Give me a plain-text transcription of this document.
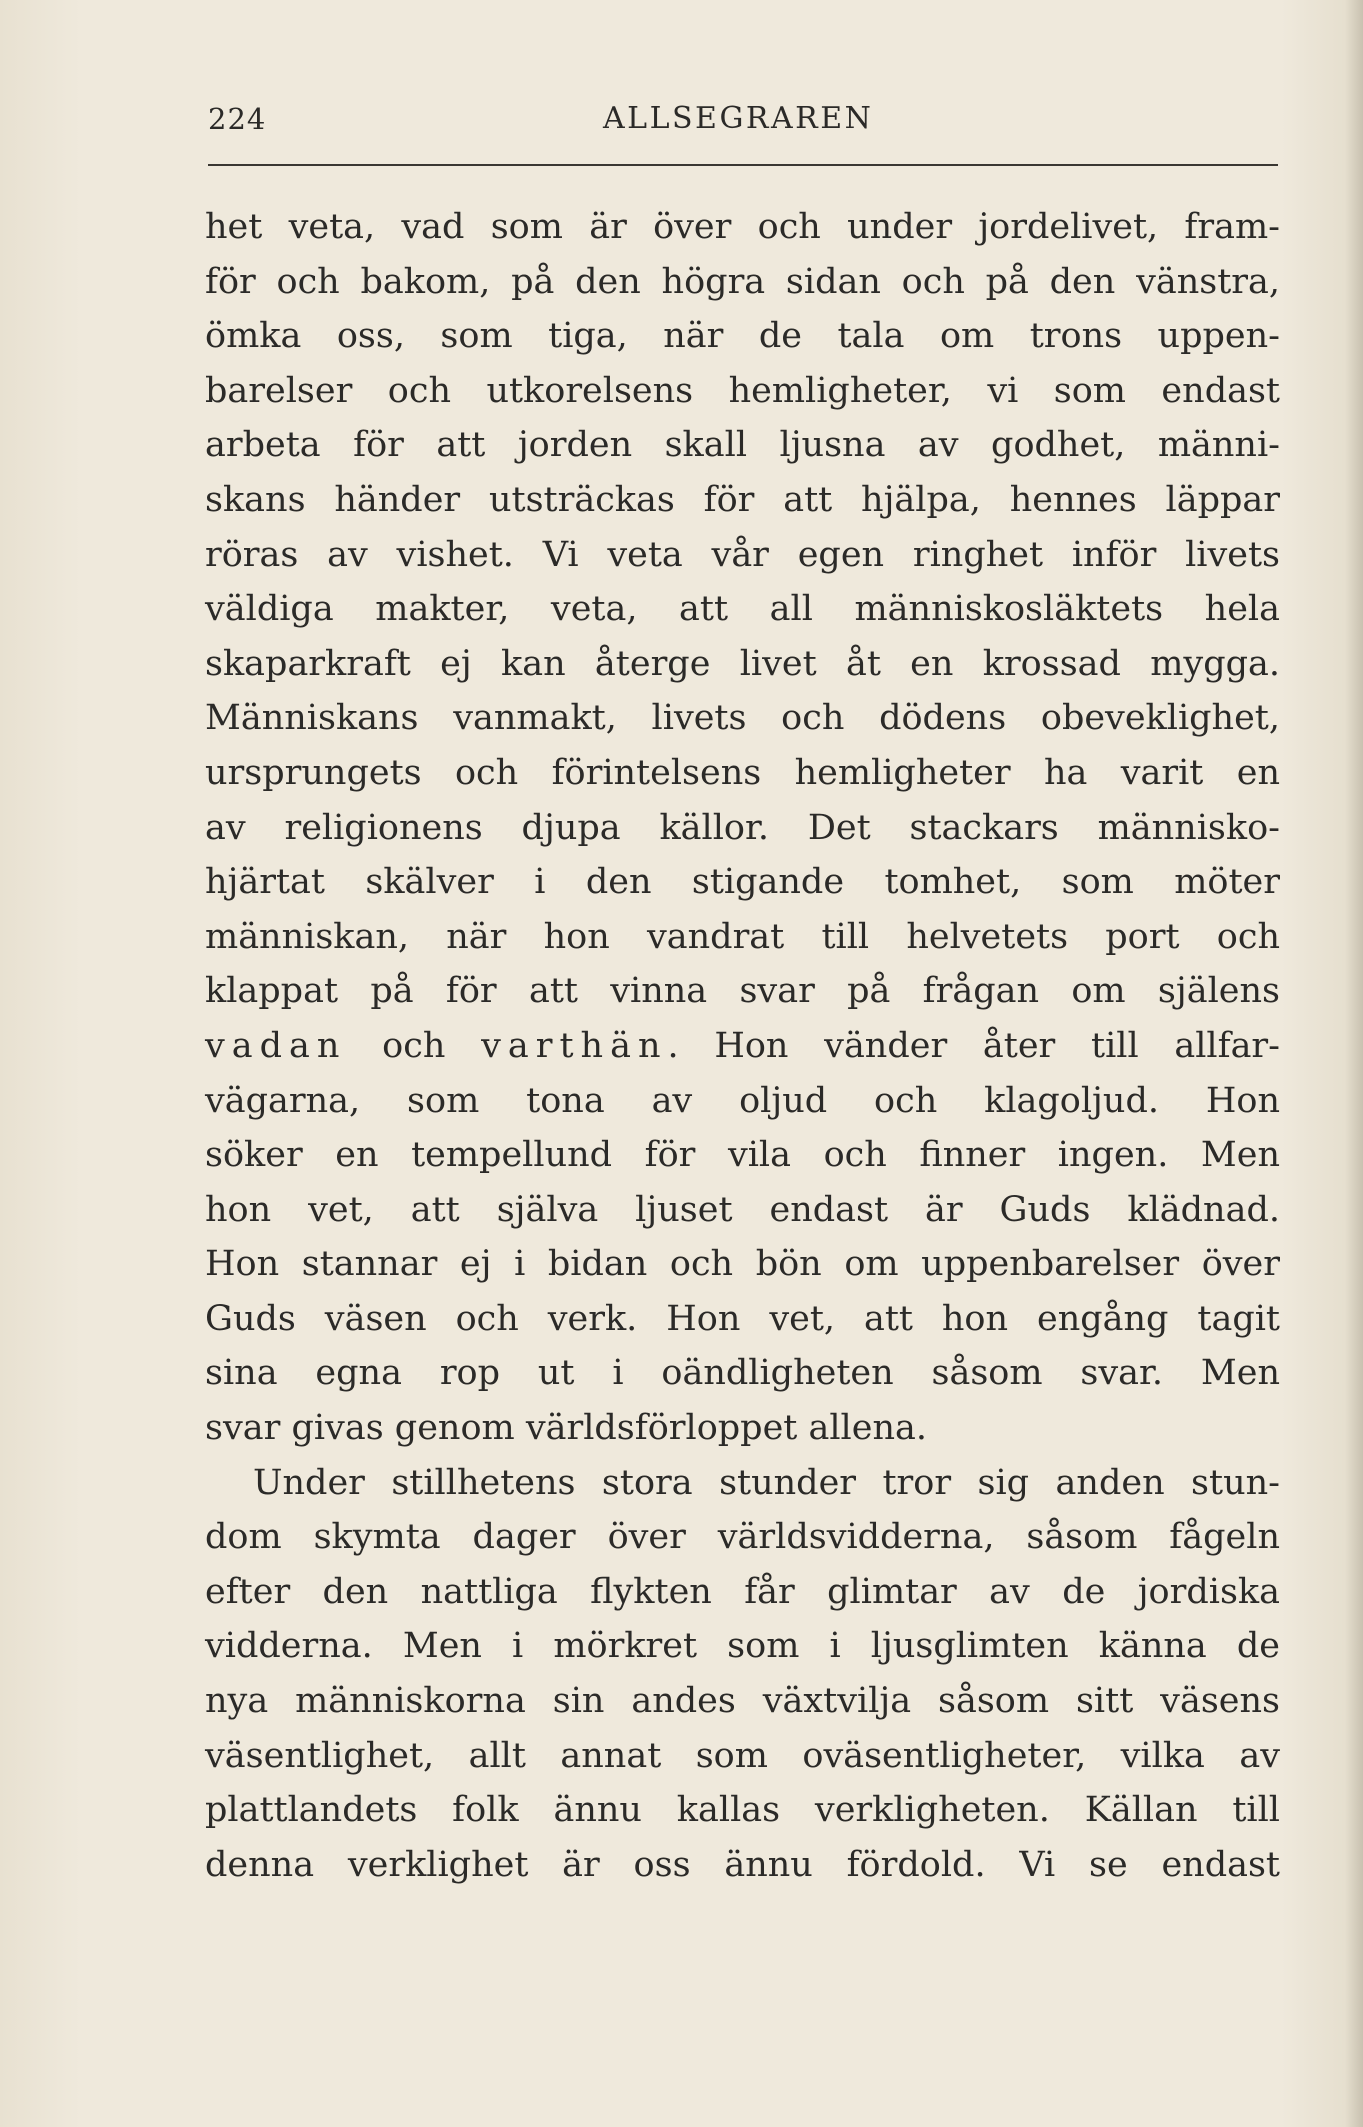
224	ALLSEGRAREN
het veta, vad som är över och under jordelivet, fram-
för och bakom, på den högra sidan och på den vänstra,
ömka oss, som tiga, när de tala om trons uppen-
barelser och utkorelsens hemligheter, vi som endast
arbeta för att jorden skall ljusna av godhet, männi-
skans händer utsträckas för att hjälpa, hennes läppar
röras av vishet. Vi veta vår egen ringhet inför livets
väldiga makter, veta, att all människosläktets hela
skaparkraft ej kan återge livet åt en krossad mygga.
Människans vanmakt, livets och dödens obeveklighet,
ursprungets och förintelsens hemligheter ha varit en
av religionens djupa källor. Det stackars människo-
hjärtat skälver i den stigande tomhet, som möter
människan, när hon vandrat till helvetets port och
klappat på för att vinna svar på frågan om själens
vadan och varthän. Hon vänder åter till allfar-
vägarna, som tona av oljud och klagoljud. Hon
söker en tempellund för vila och finner ingen. Men
hon vet, att själva ljuset endast är Guds klädnad.
Hon stannar ej i bidan och bön om uppenbarelser över
Guds väsen och verk. Hon vet, att hon engång tagit
sina egna rop ut i oändligheten såsom svar. Men
svar givas genom världsförloppet allena.
Under stillhetens stora stunder tror sig anden stun-
dom skymta dager över världsvidderna, såsom fågeln
efter den nattliga flykten får glimtar av de jordiska
vidderna. Men i mörkret som i ljusglimten känna de
nya människorna sin andes växtvilja såsom sitt väsens
väsentlighet, allt annat som oväsentligheter, vilka av
plattlandets folk ännu kallas verkligheten. Källan till
denna verklighet är oss ännu fördold. Vi se endast
